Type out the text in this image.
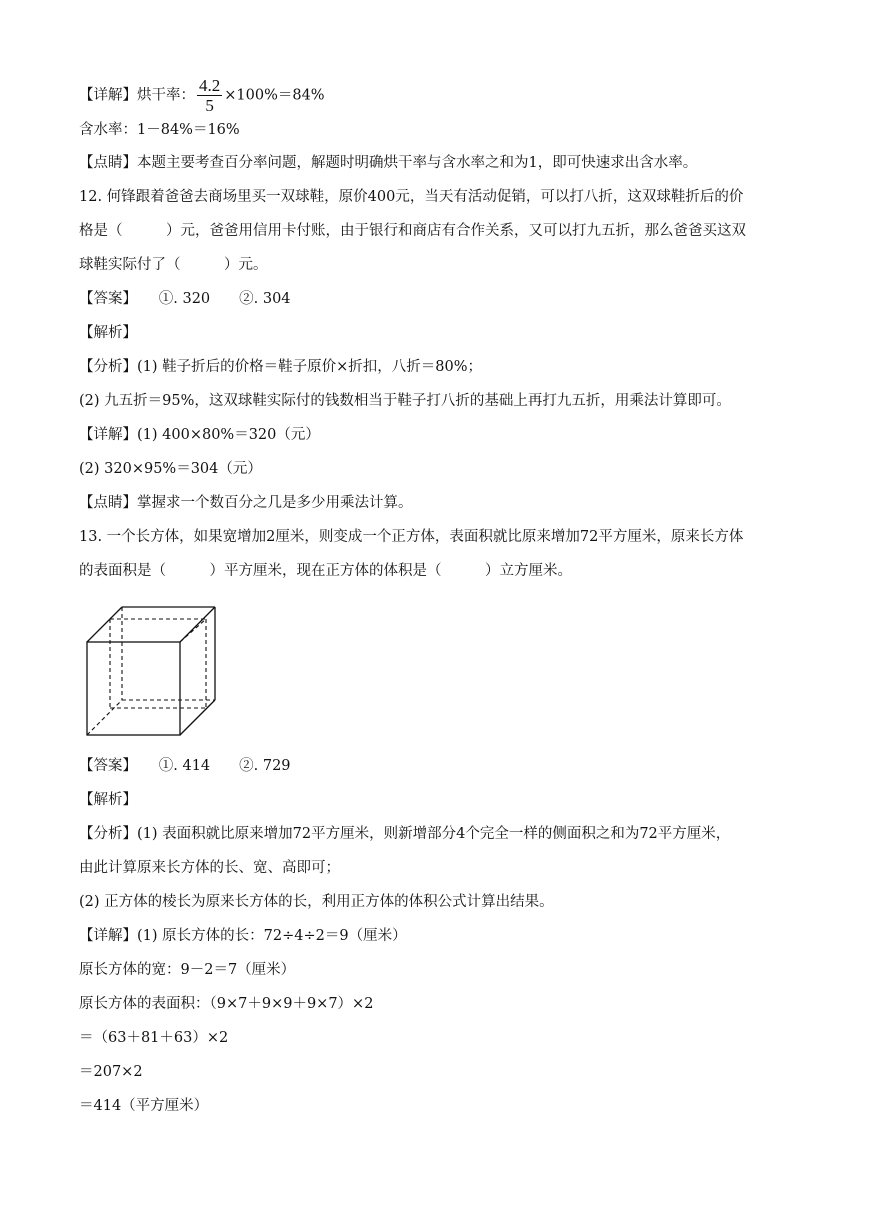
【详解】烘干率： $\frac{4.2}{5} \times 100\%=84\%$
含水率：1－84%＝16%
【点睛】本题主要考查百分率问题，解题时明确烘干率与含水率之和为1，即可快速求出含水率。
12. 何锋跟着爸爸去商场里买一双球鞋，原价400元，当天有活动促销，可以打八折，这双球鞋折后的价
格是（　　　）元，爸爸用信用卡付账，由于银行和商店有合作关系，又可以打九五折，那么爸爸买这双
球鞋实际付了（　　　）元。
【答案】　　①. 320　　②. 304
【解析】
【分析】(1) 鞋子折后的价格＝鞋子原价×折扣，八折＝80%；
(2) 九五折＝95%，这双球鞋实际付的钱数相当于鞋子打八折的基础上再打九五折，用乘法计算即可。
【详解】(1) 400×80%＝320（元）
(2) 320×95%＝304（元）
【点睛】掌握求一个数百分之几是多少用乘法计算。
13. 一个长方体，如果宽增加2厘米，则变成一个正方体，表面积就比原来增加72平方厘米，原来长方体
的表面积是（　　　）平方厘米，现在正方体的体积是（　　　）立方厘米。
【答案】　　①. 414　　②. 729
【解析】
【分析】(1) 表面积就比原来增加72平方厘米，则新增部分4个完全一样的侧面积之和为72平方厘米，
由此计算原来长方体的长、宽、高即可；
(2) 正方体的棱长为原来长方体的长，利用正方体的体积公式计算出结果。
【详解】(1) 原长方体的长：72÷4÷2＝9（厘米）
原长方体的宽：9－2＝7（厘米）
原长方体的表面积：（9×7＋9×9＋9×7）×2
＝（63＋81＋63）×2
＝207×2
＝414（平方厘米）
